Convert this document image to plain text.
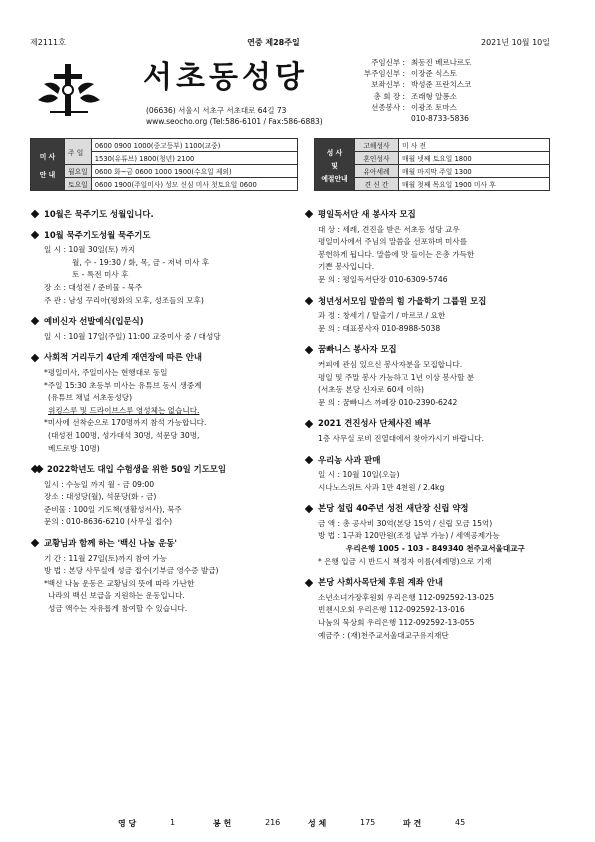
제2111호	연중 제28주일	2021년 10월 10일
서초동성당
(06636) 서울시 서초구 서초대로 64길 73
www.seocho.org (Tel:586-6101 / Fax:586-6883)
주임신부 : 최동진 베르나르도
부주임신부 : 이장준 식스토
보좌신부 : 박성준 프란치스코
총 회 장 : 조래형 알퐁소
선종봉사 : 이광조 토마스
010-8733-5836
미 사
안 내	주 일	0600 0900 1000(중고등부) 1100(교중)
		1530(유튜브) 1800(청년) 2100
	월요일	0600 화~금 0600 1000 1900(수요일 제외)
	토요일	0600 1900(주일미사) 성모 신심 미사 첫토요일 0600
성 사
및
예절안내	고해성사	미 사 전
	혼인성사	매월 넷째 토요일 1800
	유아세례	매월 마지막 주일 1300
	견 신 간	매월 첫째 목요일 1900 미사 후
10월은 묵주기도 성월입니다.
10월 묵주기도성월 묵주기도
일 시 : 10월 30일(토) 까지
월, 수 - 19:30 / 화, 목, 금 - 저녁 미사 후
토 - 특전 미사 후
장 소 : 대성전 / 준비물 - 묵주
주 관 : 남성 꾸리아(평화의 모후, 성조들의 모후)
예비신자 선발예식(입문식)
일 시 : 10월 17일(주일) 11:00 교중미사 중 / 대성당
사회적 거리두기 4단계 재연장에 따른 안내
*평일미사, 주일미사는 현행대로 동일
*주일 15:30 초등부 미사는 유튜브 동시 생중계
(유튜브 채널 서초동성당)
위킹스루 및 드라이브스루 영성체는 없습니다.
*미사에 선착순으로 170명까지 참석 가능합니다.
(대성전 100명, 성가대석 30명, 석문당 30명,
베드로방 10명)
2022학년도 대입 수험생을 위한 50일 기도모임
일시 : 수능일 까지 월 - 금 09:00
장소 : 대성당(월), 석문당(화 - 금)
준비물 : 100일 기도책(생활성서사), 묵주
문의 : 010-8636-6210 (사무실 접수)
교황님과 함께 하는 '백신 나눔 운동'
기 간 : 11월 27일(토)까지 참여 가능
방 법 : 본당 사무실에 성금 접수(기부금 영수증 발급)
*백신 나눔 운동은 교황님의 뜻에 따라 가난한
나라의 백신 보급을 지원하는 운동입니다.
성금 액수는 자유롭게 참여할 수 있습니다.
평일독서단 새 봉사자 모집
대 상 : 세례, 견진을 받은 서초동 성당 교우
평일미사에서 주님의 말씀을 선포하며 미사를
봉헌하게 됩니다. 말씀에 맛 들이는 은총 가득한
기쁜 봉사입니다.
문 의 : 평일독서단장 010-6309-5746
청년성서모임 말씀의 힘 가을학기 그룹원 모집
과 정 : 창세기 / 탈출기 / 마르코 / 요한
문 의 : 대표봉사자 010-8988-5038
꿈빠니스 봉사자 모집
커피에 관심 있으신 봉사자분을 모집합니다.
평일 및 주말 봉사 가능하고 1년 이상 봉사할 분
(서초동 본당 신자로 60세 이하)
문 의 : 꿈빠니스 까페장 010-2390-6242
2021 견진성사 단체사진 배부
1층 사무실 로비 진열대에서 찾아가시기 바랍니다.
우리농 사과 판매
일 시 : 10월 10일(오늘)
시나노스위트 사과 1만 4천원 / 2.4kg
본당 설립 40주년 성전 새단장 신립 약정
금 액 : 총 공사비 30억(본당 15억 / 신립 모금 15억)
방 법 : 1구좌 120만원(조정 납부 가능) / 세액공제가능
우리은행 1005 - 103 - 849340 천주교서울대교구
* 은행 입금 시 반드시 책정자 이름(세례명)으로 기재
본당 사회사목단체 후원 계좌 안내
소년소녀가장후원회 우리은행 112-092592-13-025
빈첸시오회 우리은행 112-092592-13-016
나눔의 묵상회 우리은행 112-092592-13-055
예금주 : (재)천주교서울대교구유지재단
영 당	1	봉 헌	216	성 체	175	파 견	45
